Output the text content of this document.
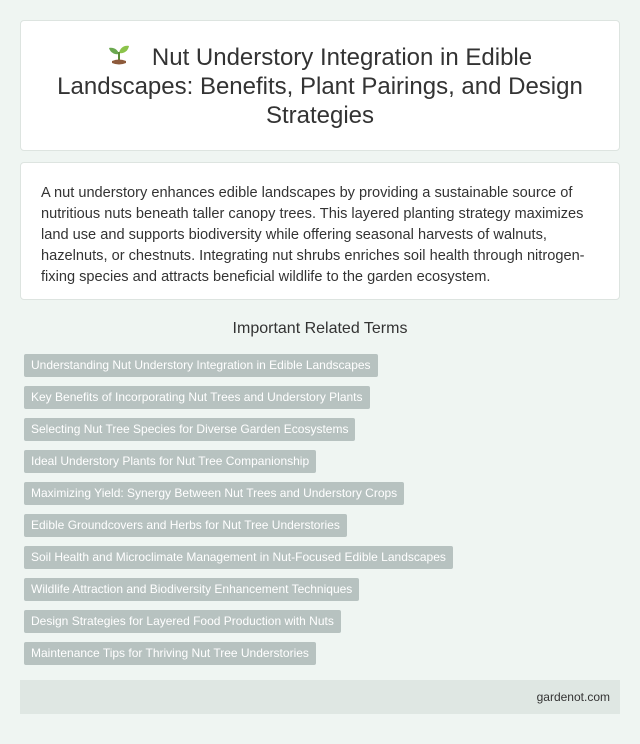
Nut Understory Integration in Edible Landscapes: Benefits, Plant Pairings, and Design Strategies

A nut understory enhances edible landscapes by providing a sustainable source of nutritious nuts beneath taller canopy trees. This layered planting strategy maximizes land use and supports biodiversity while offering seasonal harvests of walnuts, hazelnuts, or chestnuts. Integrating nut shrubs enriches soil health through nitrogen-fixing species and attracts beneficial wildlife to the garden ecosystem.

Important Related Terms
Understanding Nut Understory Integration in Edible Landscapes
Key Benefits of Incorporating Nut Trees and Understory Plants
Selecting Nut Tree Species for Diverse Garden Ecosystems
Ideal Understory Plants for Nut Tree Companionship
Maximizing Yield: Synergy Between Nut Trees and Understory Crops
Edible Groundcovers and Herbs for Nut Tree Understories
Soil Health and Microclimate Management in Nut-Focused Edible Landscapes
Wildlife Attraction and Biodiversity Enhancement Techniques
Design Strategies for Layered Food Production with Nuts
Maintenance Tips for Thriving Nut Tree Understories
gardenot.com
